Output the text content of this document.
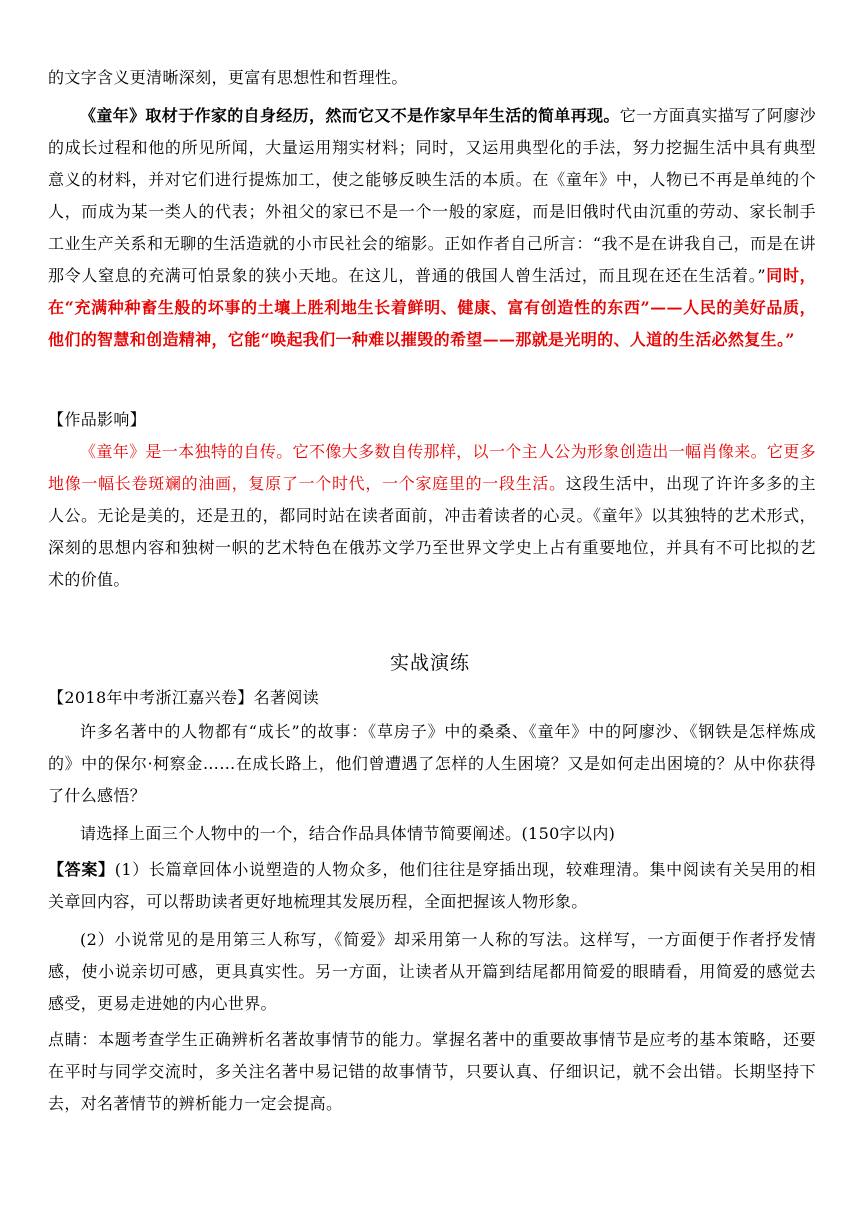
的文字含义更清晰深刻，更富有思想性和哲理性。

《童年》取材于作家的自身经历，然而它又不是作家早年生活的简单再现。它一方面真实描写了阿廖沙的成长过程和他的所见所闻，大量运用翔实材料；同时，又运用典型化的手法，努力挖掘生活中具有典型意义的材料，并对它们进行提炼加工，使之能够反映生活的本质。在《童年》中，人物已不再是单纯的个人，而成为某一类人的代表；外祖父的家已不是一个一般的家庭，而是旧俄时代由沉重的劳动、家长制手工业生产关系和无聊的生活造就的小市民社会的缩影。正如作者自己所言：“我不是在讲我自己，而是在讲那令人窒息的充满可怕景象的狭小天地。在这儿，普通的俄国人曾生活过，而且现在还在生活着。”同时，在“充满种种畜生般的坏事的土壤上胜利地生长着鲜明、健康、富有创造性的东西”——人民的美好品质，他们的智慧和创造精神，它能“唤起我们一种难以摧毁的希望——那就是光明的、人道的生活必然复生。”

【作品影响】

《童年》是一本独特的自传。它不像大多数自传那样，以一个主人公为形象创造出一幅肖像来。它更多地像一幅长卷斑斓的油画，复原了一个时代，一个家庭里的一段生活。这段生活中，出现了许许多多的主人公。无论是美的，还是丑的，都同时站在读者面前，冲击着读者的心灵。《童年》以其独特的艺术形式，深刻的思想内容和独树一帜的艺术特色在俄苏文学乃至世界文学史上占有重要地位，并具有不可比拟的艺术的价值。

实战演练

【2018年中考浙江嘉兴卷】名著阅读

许多名著中的人物都有“成长”的故事：《草房子》中的桑桑、《童年》中的阿廖沙、《钢铁是怎样炼成的》中的保尔·柯察金……在成长路上，他们曾遭遇了怎样的人生困境？又是如何走出困境的？从中你获得了什么感悟？

请选择上面三个人物中的一个，结合作品具体情节简要阐述。(150字以内)

【答案】(1）长篇章回体小说塑造的人物众多，他们往往是穿插出现，较难理清。集中阅读有关吴用的相关章回内容，可以帮助读者更好地梳理其发展历程，全面把握该人物形象。

(2）小说常见的是用第三人称写，《简爱》却采用第一人称的写法。这样写，一方面便于作者抒发情感，使小说亲切可感，更具真实性。另一方面，让读者从开篇到结尾都用简爱的眼睛看，用简爱的感觉去感受，更易走进她的内心世界。

点睛：本题考查学生正确辨析名著故事情节的能力。掌握名著中的重要故事情节是应考的基本策略，还要在平时与同学交流时，多关注名著中易记错的故事情节，只要认真、仔细识记，就不会出错。长期坚持下去，对名著情节的辨析能力一定会提高。
